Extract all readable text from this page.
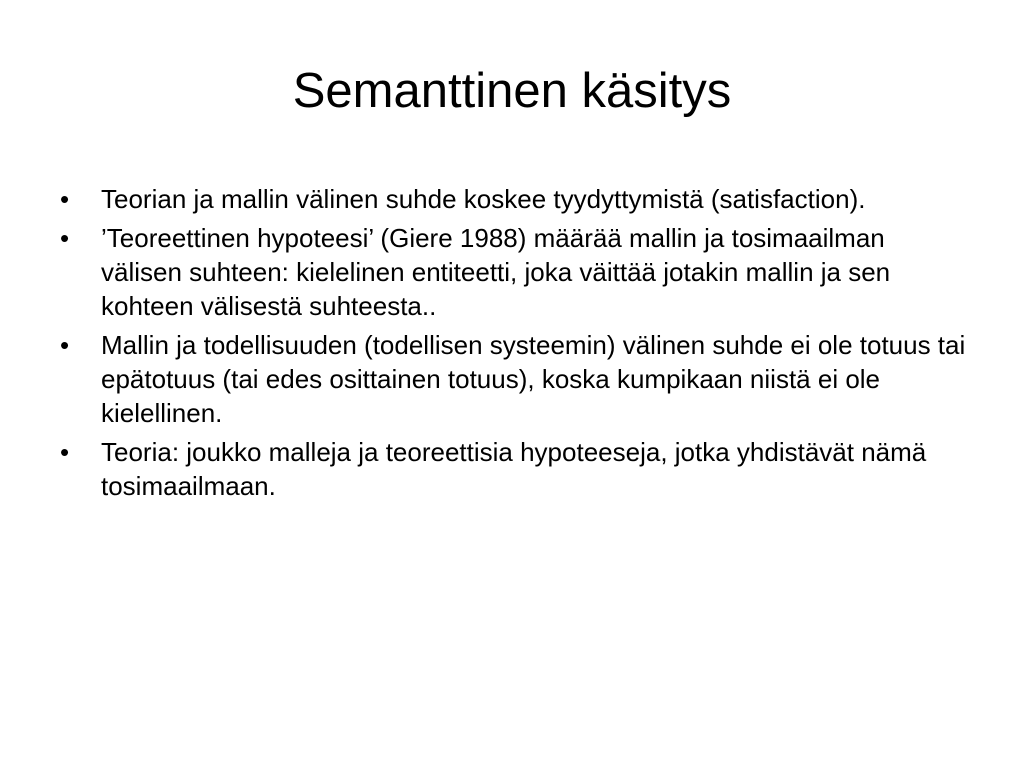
Semanttinen käsitys
• Teorian ja mallin välinen suhde koskee tyydyttymistä (satisfaction).
• ’Teoreettinen hypoteesi’ (Giere 1988) määrää mallin ja tosimaailman välisen suhteen: kielelinen entiteetti, joka väittää jotakin mallin ja sen kohteen välisestä suhteesta..
• Mallin ja todellisuuden (todellisen systeemin) välinen suhde ei ole totuus tai epätotuus (tai edes osittainen totuus), koska kumpikaan niistä ei ole kielellinen.
• Teoria: joukko malleja ja teoreettisia hypoteeseja, jotka yhdistävät nämä tosimaailmaan.
